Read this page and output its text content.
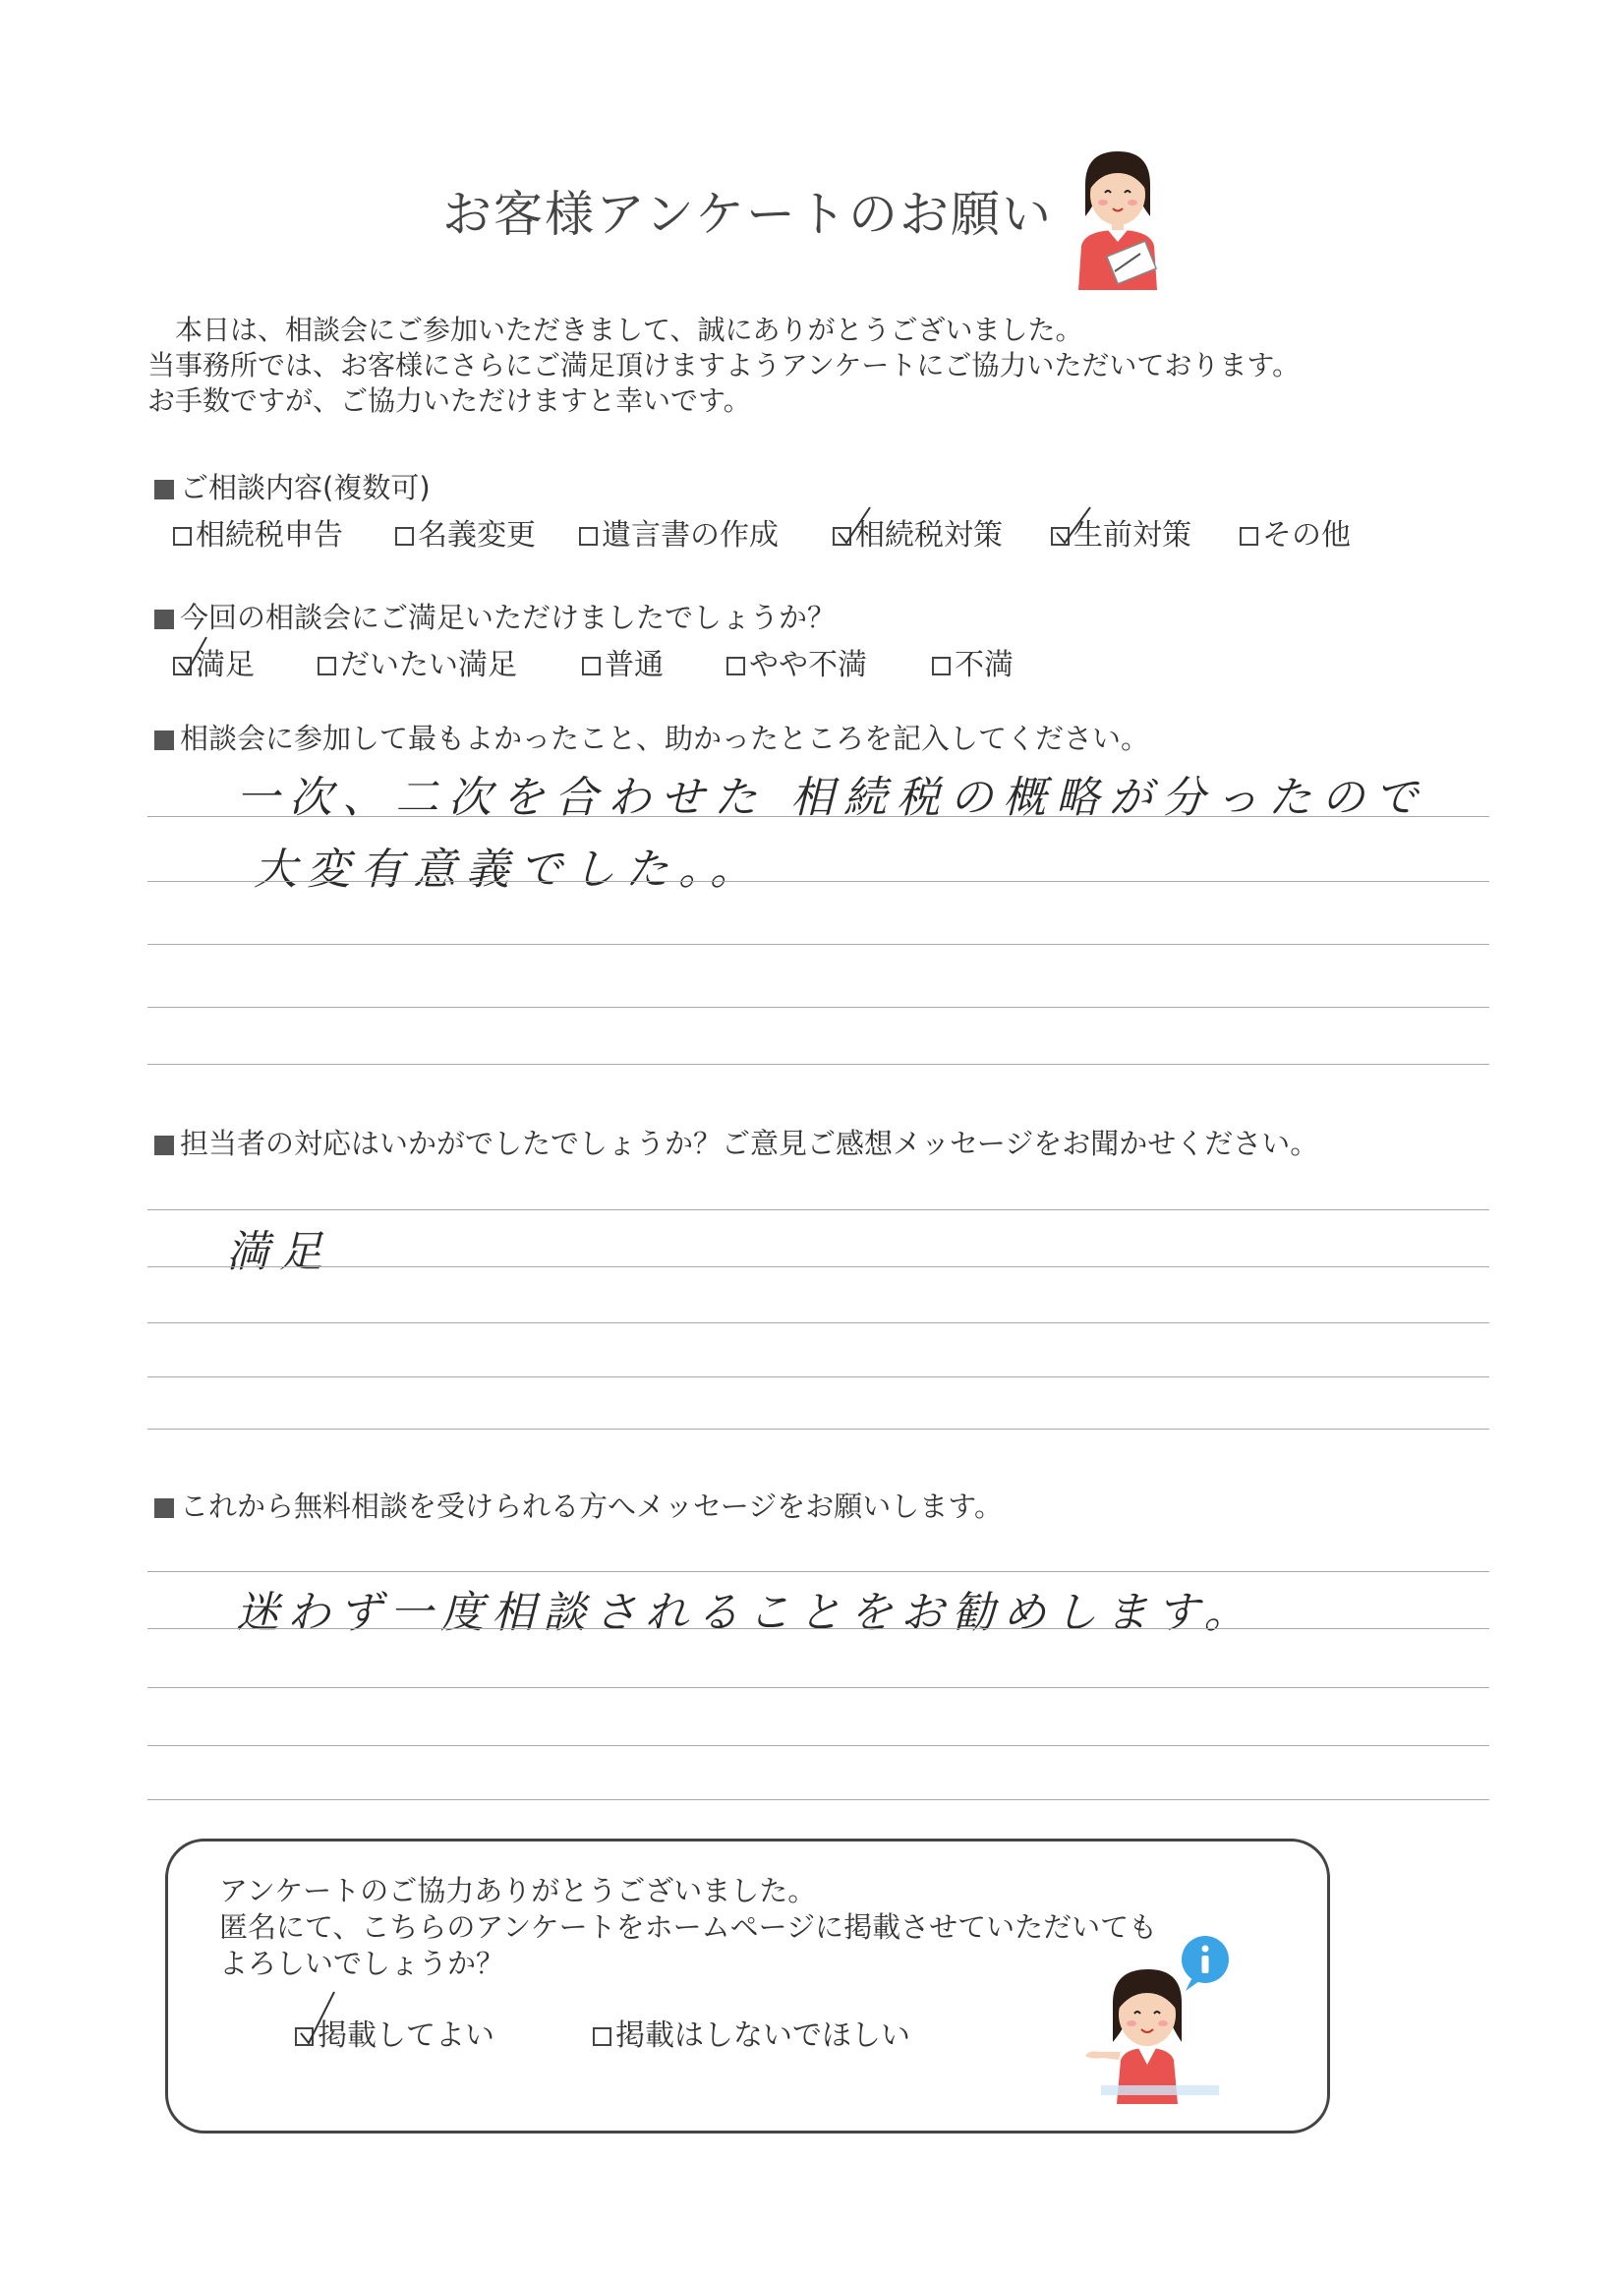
お客様アンケートのお願い
本日は、相談会にご参加いただきまして、誠にありがとうございました。
当事務所では、お客様にさらにご満足頂けますようアンケートにご協力いただいております。
お手数ですが、ご協力いただけますと幸いです。
ご相談内容(複数可)
相続税申告	名義変更	遺言書の作成	相続税対策	生前対策	その他
今回の相談会にご満足いただけましたでしょうか？
満足	だいたい満足	普通	やや不満	不満
相談会に参加して最もよかったこと、助かったところを記入してください。
一次、二次を合わせた 相続税の概略が分ったので
大変有意義でした。。
担当者の対応はいかがでしたでしょうか？ご意見ご感想メッセージをお聞かせください。
満足
これから無料相談を受けられる方へメッセージをお願いします。
迷わず一度相談されることをお勧めします。
アンケートのご協力ありがとうございました。
匿名にて、こちらのアンケートをホームページに掲載させていただいても
よろしいでしょうか？
掲載してよい	掲載はしないでほしい
